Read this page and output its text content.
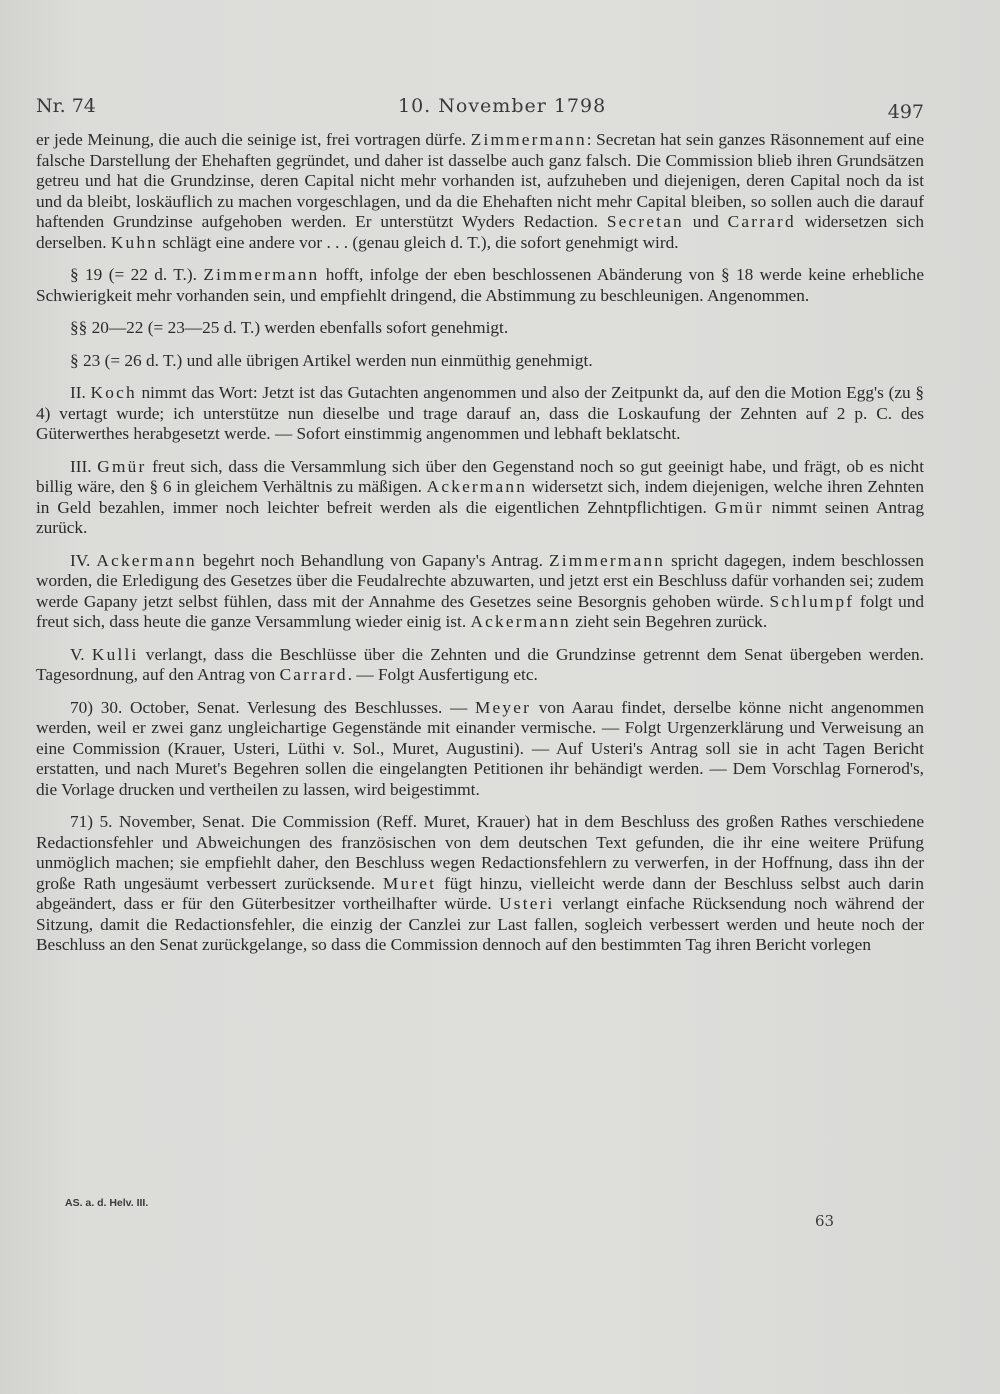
Nr. 74	10. November 1798	497

er jede Meinung, die auch die seinige ist, frei vortragen dürfe. Zimmermann: Secretan hat sein ganzes Räsonnement auf eine falsche Darstellung der Ehehaften gegründet, und daher ist dasselbe auch ganz falsch. Die Commission blieb ihren Grundsätzen getreu und hat die Grundzinse, deren Capital nicht mehr vorhanden ist, aufzuheben und diejenigen, deren Capital noch da ist und da bleibt, loskäuflich zu machen vorgeschlagen, und da die Ehehaften nicht mehr Capital bleiben, so sollen auch die darauf haftenden Grundzinse aufgehoben werden. Er unterstützt Wyders Redaction. Secretan und Carrard widersetzen sich derselben. Kuhn schlägt eine andere vor . . . (genau gleich d. T.), die sofort genehmigt wird.

§ 19 (= 22 d. T.). Zimmermann hofft, infolge der eben beschlossenen Abänderung von § 18 werde keine erhebliche Schwierigkeit mehr vorhanden sein, und empfiehlt dringend, die Abstimmung zu beschleunigen. Angenommen.

§§ 20—22 (= 23—25 d. T.) werden ebenfalls sofort genehmigt.

§ 23 (= 26 d. T.) und alle übrigen Artikel werden nun einmüthig genehmigt.

II. Koch nimmt das Wort: Jetzt ist das Gutachten angenommen und also der Zeitpunkt da, auf den die Motion Egg's (zu § 4) vertagt wurde; ich unterstütze nun dieselbe und trage darauf an, dass die Loskaufung der Zehnten auf 2 p. C. des Güterwerthes herabgesetzt werde. — Sofort einstimmig angenommen und lebhaft beklatscht.

III. Gmür freut sich, dass die Versammlung sich über den Gegenstand noch so gut geeinigt habe, und frägt, ob es nicht billig wäre, den § 6 in gleichem Verhältnis zu mäßigen. Ackermann widersetzt sich, indem diejenigen, welche ihren Zehnten in Geld bezahlen, immer noch leichter befreit werden als die eigentlichen Zehntpflichtigen. Gmür nimmt seinen Antrag zurück.

IV. Ackermann begehrt noch Behandlung von Gapany's Antrag. Zimmermann spricht dagegen, indem beschlossen worden, die Erledigung des Gesetzes über die Feudalrechte abzuwarten, und jetzt erst ein Beschluss dafür vorhanden sei; zudem werde Gapany jetzt selbst fühlen, dass mit der Annahme des Gesetzes seine Besorgnis gehoben würde. Schlumpf folgt und freut sich, dass heute die ganze Versammlung wieder einig ist. Ackermann zieht sein Begehren zurück.

V. Kulli verlangt, dass die Beschlüsse über die Zehnten und die Grundzinse getrennt dem Senat übergeben werden. Tagesordnung, auf den Antrag von Carrard. — Folgt Ausfertigung etc.

70) 30. October, Senat. Verlesung des Beschlusses. — Meyer von Aarau findet, derselbe könne nicht angenommen werden, weil er zwei ganz ungleichartige Gegenstände mit einander vermische. — Folgt Urgenzerklärung und Verweisung an eine Commission (Krauer, Usteri, Lüthi v. Sol., Muret, Augustini). — Auf Usteri's Antrag soll sie in acht Tagen Bericht erstatten, und nach Muret's Begehren sollen die eingelangten Petitionen ihr behändigt werden. — Dem Vorschlag Fornerod's, die Vorlage drucken und vertheilen zu lassen, wird beigestimmt.

71) 5. November, Senat. Die Commission (Reff. Muret, Krauer) hat in dem Beschluss des großen Rathes verschiedene Redactionsfehler und Abweichungen des französischen von dem deutschen Text gefunden, die ihr eine weitere Prüfung unmöglich machen; sie empfiehlt daher, den Beschluss wegen Redactionsfehlern zu verwerfen, in der Hoffnung, dass ihn der große Rath ungesäumt verbessert zurücksende. Muret fügt hinzu, vielleicht werde dann der Beschluss selbst auch darin abgeändert, dass er für den Güterbesitzer vortheilhafter würde. Usteri verlangt einfache Rücksendung noch während der Sitzung, damit die Redactionsfehler, die einzig der Canzlei zur Last fallen, sogleich verbessert werden und heute noch der Beschluss an den Senat zurückgelange, so dass die Commission dennoch auf den bestimmten Tag ihren Bericht vorlegen

AS. a. d. Helv. III.
63
